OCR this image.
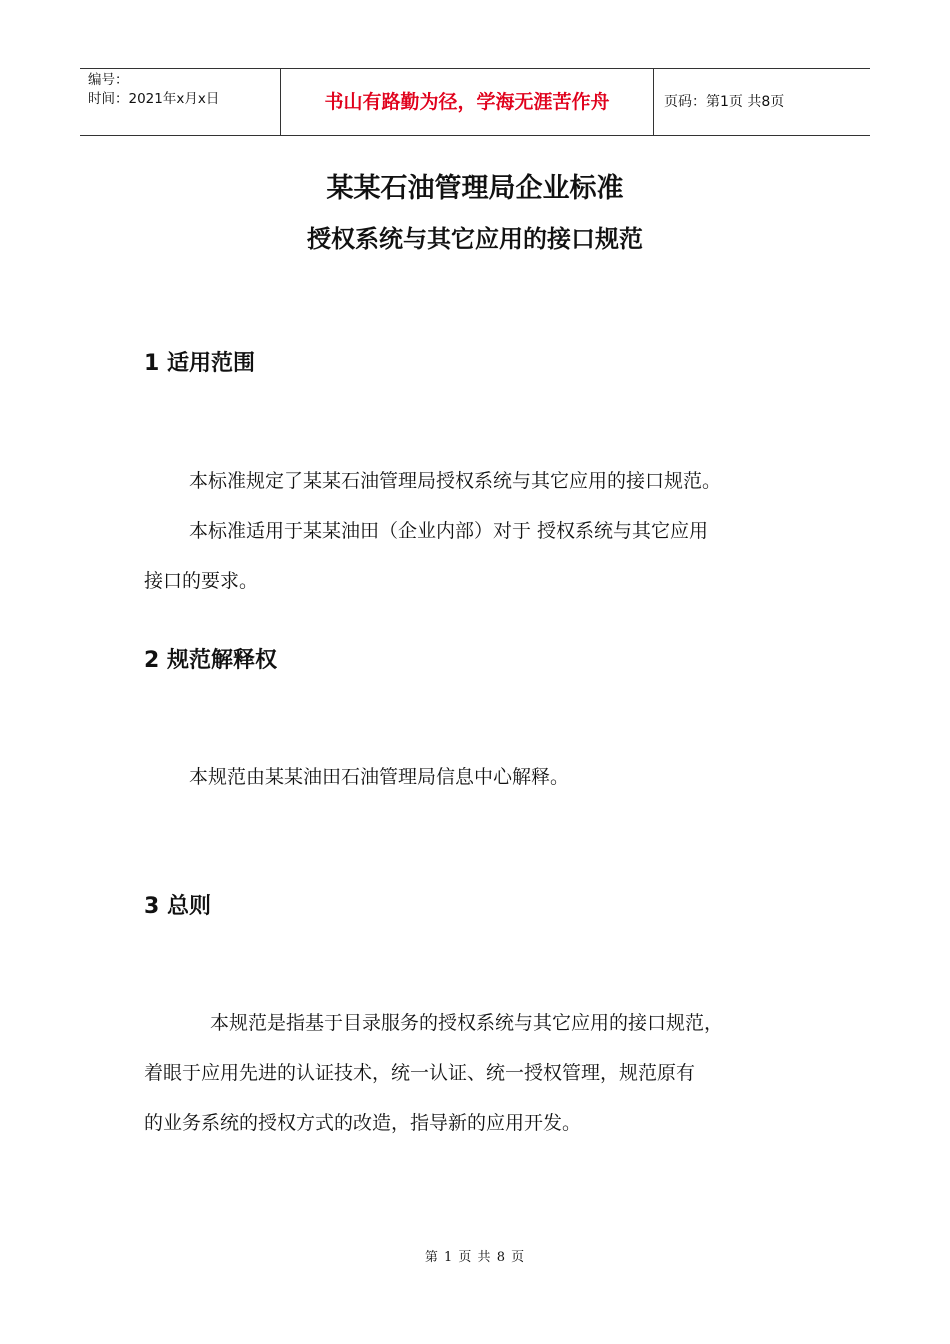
编号：
时间：2021年x月x日	书山有路勤为径，学海无涯苦作舟	页码：第1页 共8页
某某石油管理局企业标准
授权系统与其它应用的接口规范
1 适用范围
本标准规定了某某石油管理局授权系统与其它应用的接口规范。
本标准适用于某某油田（企业内部）对于 授权系统与其它应用
接口的要求。
2 规范解释权
本规范由某某油田石油管理局信息中心解释。
3 总则
本规范是指基于目录服务的授权系统与其它应用的接口规范，
着眼于应用先进的认证技术，统一认证、统一授权管理，规范原有
的业务系统的授权方式的改造，指导新的应用开发。
第 1 页 共 8 页
